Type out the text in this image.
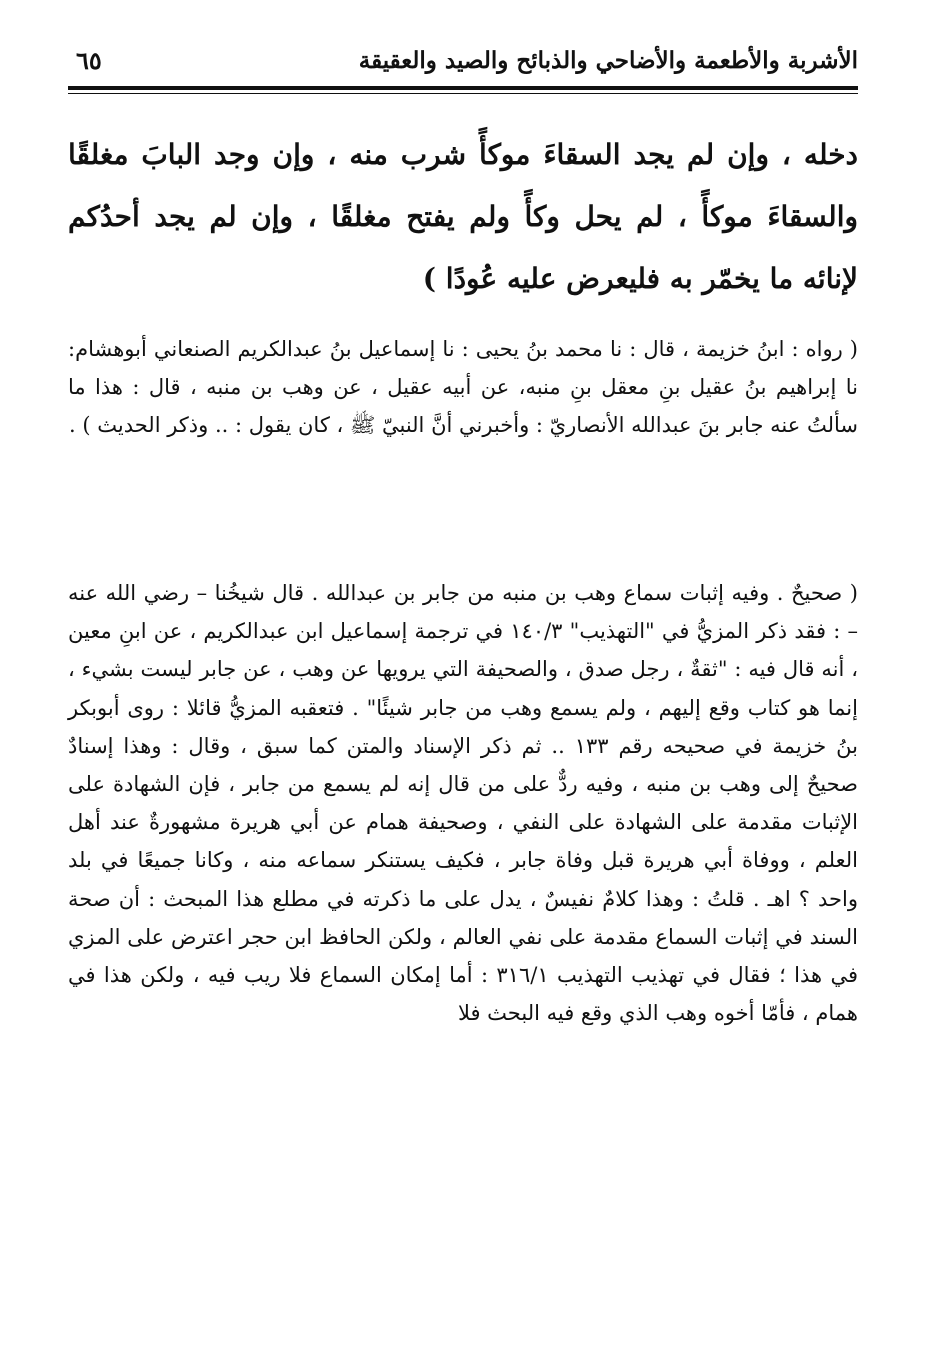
الأشربة والأطعمة والأضاحي والذبائح والصيد والعقيقة
٦٥

دخله ، وإن لم يجد السقاءَ موكأً شرب منه ، وإن وجد البابَ مغلقًا والسقاءَ موكأً ، لم يحل وكأً ولم يفتح مغلقًا ، وإن لم يجد أحدُكم لإنائه ما يخمّر به فليعرض عليه عُودًا )

( رواه : ابنُ خزيمة ، قال : نا محمد بنُ يحيى : نا إسماعيل بنُ عبدالكريم الصنعاني أبوهشام: نا إبراهيم بنُ عقيل بنِ معقل بنِ منبه، عن أبيه عقيل ، عن وهب بن منبه ، قال : هذا ما سألتُ عنه جابر بنَ عبدالله الأنصاريّ : وأخبرني أنَّ النبيّ ﷺ ، كان يقول : .. وذكر الحديث ) .

( صحيحٌ . وفيه إثبات سماع وهب بن منبه من جابر بن عبدالله . قال شيخُنا – رضي الله عنه – : فقد ذكر المزيُّ في "التهذيب" ١٤٠/٣ في ترجمة إسماعيل ابن عبدالكريم ، عن ابنِ معين ، أنه قال فيه : "ثقةٌ ، رجل صدق ، والصحيفة التي يرويها عن وهب ، عن جابر ليست بشيء ، إنما هو كتاب وقع إليهم ، ولم يسمع وهب من جابر شيئًا" . فتعقبه المزيُّ قائلا : روى أبوبكر بنُ خزيمة في صحيحه رقم ١٣٣ .. ثم ذكر الإسناد والمتن كما سبق ، وقال : وهذا إسنادٌ صحيحٌ إلى وهب بن منبه ، وفيه ردٌّ على من قال إنه لم يسمع من جابر ، فإن الشهادة على الإثبات مقدمة على الشهادة على النفي ، وصحيفة همام عن أبي هريرة مشهورةٌ عند أهل العلم ، ووفاة أبي هريرة قبل وفاة جابر ، فكيف يستنكر سماعه منه ، وكانا جميعًا في بلد واحد ؟ اهـ . قلتُ : وهذا كلامٌ نفيسٌ ، يدل على ما ذكرته في مطلع هذا المبحث : أن صحة السند في إثبات السماع مقدمة على نفي العالم ، ولكن الحافظ ابن حجر اعترض على المزي في هذا ؛ فقال في تهذيب التهذيب ٣١٦/١ : أما إمكان السماع فلا ريب فيه ، ولكن هذا في همام ، فأمّا أخوه وهب الذي وقع فيه البحث فلا
